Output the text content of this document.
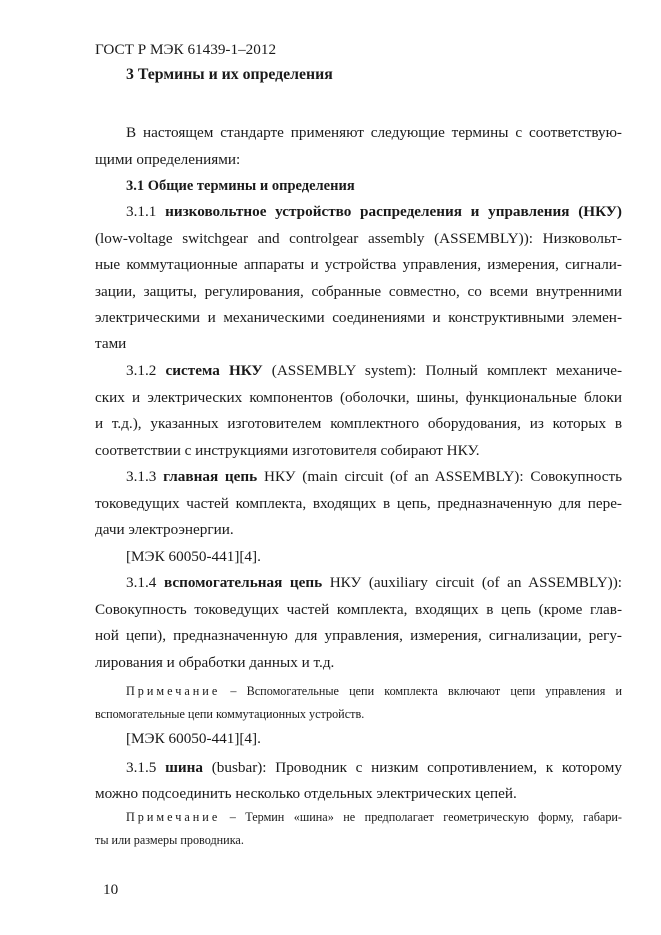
ГОСТ Р МЭК 61439-1–2012
3 Термины и их определения
В настоящем стандарте применяют следующие термины с соответствую-
щими определениями:
3.1 Общие термины и определения
3.1.1 низковольтное устройство распределения и управления (НКУ)
(low-voltage switchgear and controlgear assembly (ASSEMBLY)): Низковольт-
ные коммутационные аппараты и устройства управления, измерения, сигнали-
зации, защиты, регулирования, собранные совместно, со всеми внутренними
электрическими и механическими соединениями и конструктивными элемен-
тами
3.1.2 система НКУ (ASSEMBLY system): Полный комплект механиче-
ских и электрических компонентов (оболочки, шины, функциональные блоки
и т.д.), указанных изготовителем комплектного оборудования, из которых в
соответствии с инструкциями изготовителя собирают НКУ.
3.1.3 главная цепь НКУ (main circuit (of an ASSEMBLY): Совокупность
токоведущих частей комплекта, входящих в цепь, предназначенную для пере-
дачи электроэнергии.
[МЭК 60050-441][4].
3.1.4 вспомогательная цепь НКУ (auxiliary circuit (of an ASSEMBLY)):
Совокупность токоведущих частей комплекта, входящих в цепь (кроме глав-
ной цепи), предназначенную для управления, измерения, сигнализации, регу-
лирования и обработки данных и т.д.
Примечание – Вспомогательные цепи комплекта включают цепи управления и
вспомогательные цепи коммутационных устройств.
[МЭК 60050-441][4].
3.1.5 шина (busbar): Проводник с низким сопротивлением, к которому
можно подсоединить несколько отдельных электрических цепей.
Примечание – Термин «шина» не предполагает геометрическую форму, габари-
ты или размеры проводника.
10
